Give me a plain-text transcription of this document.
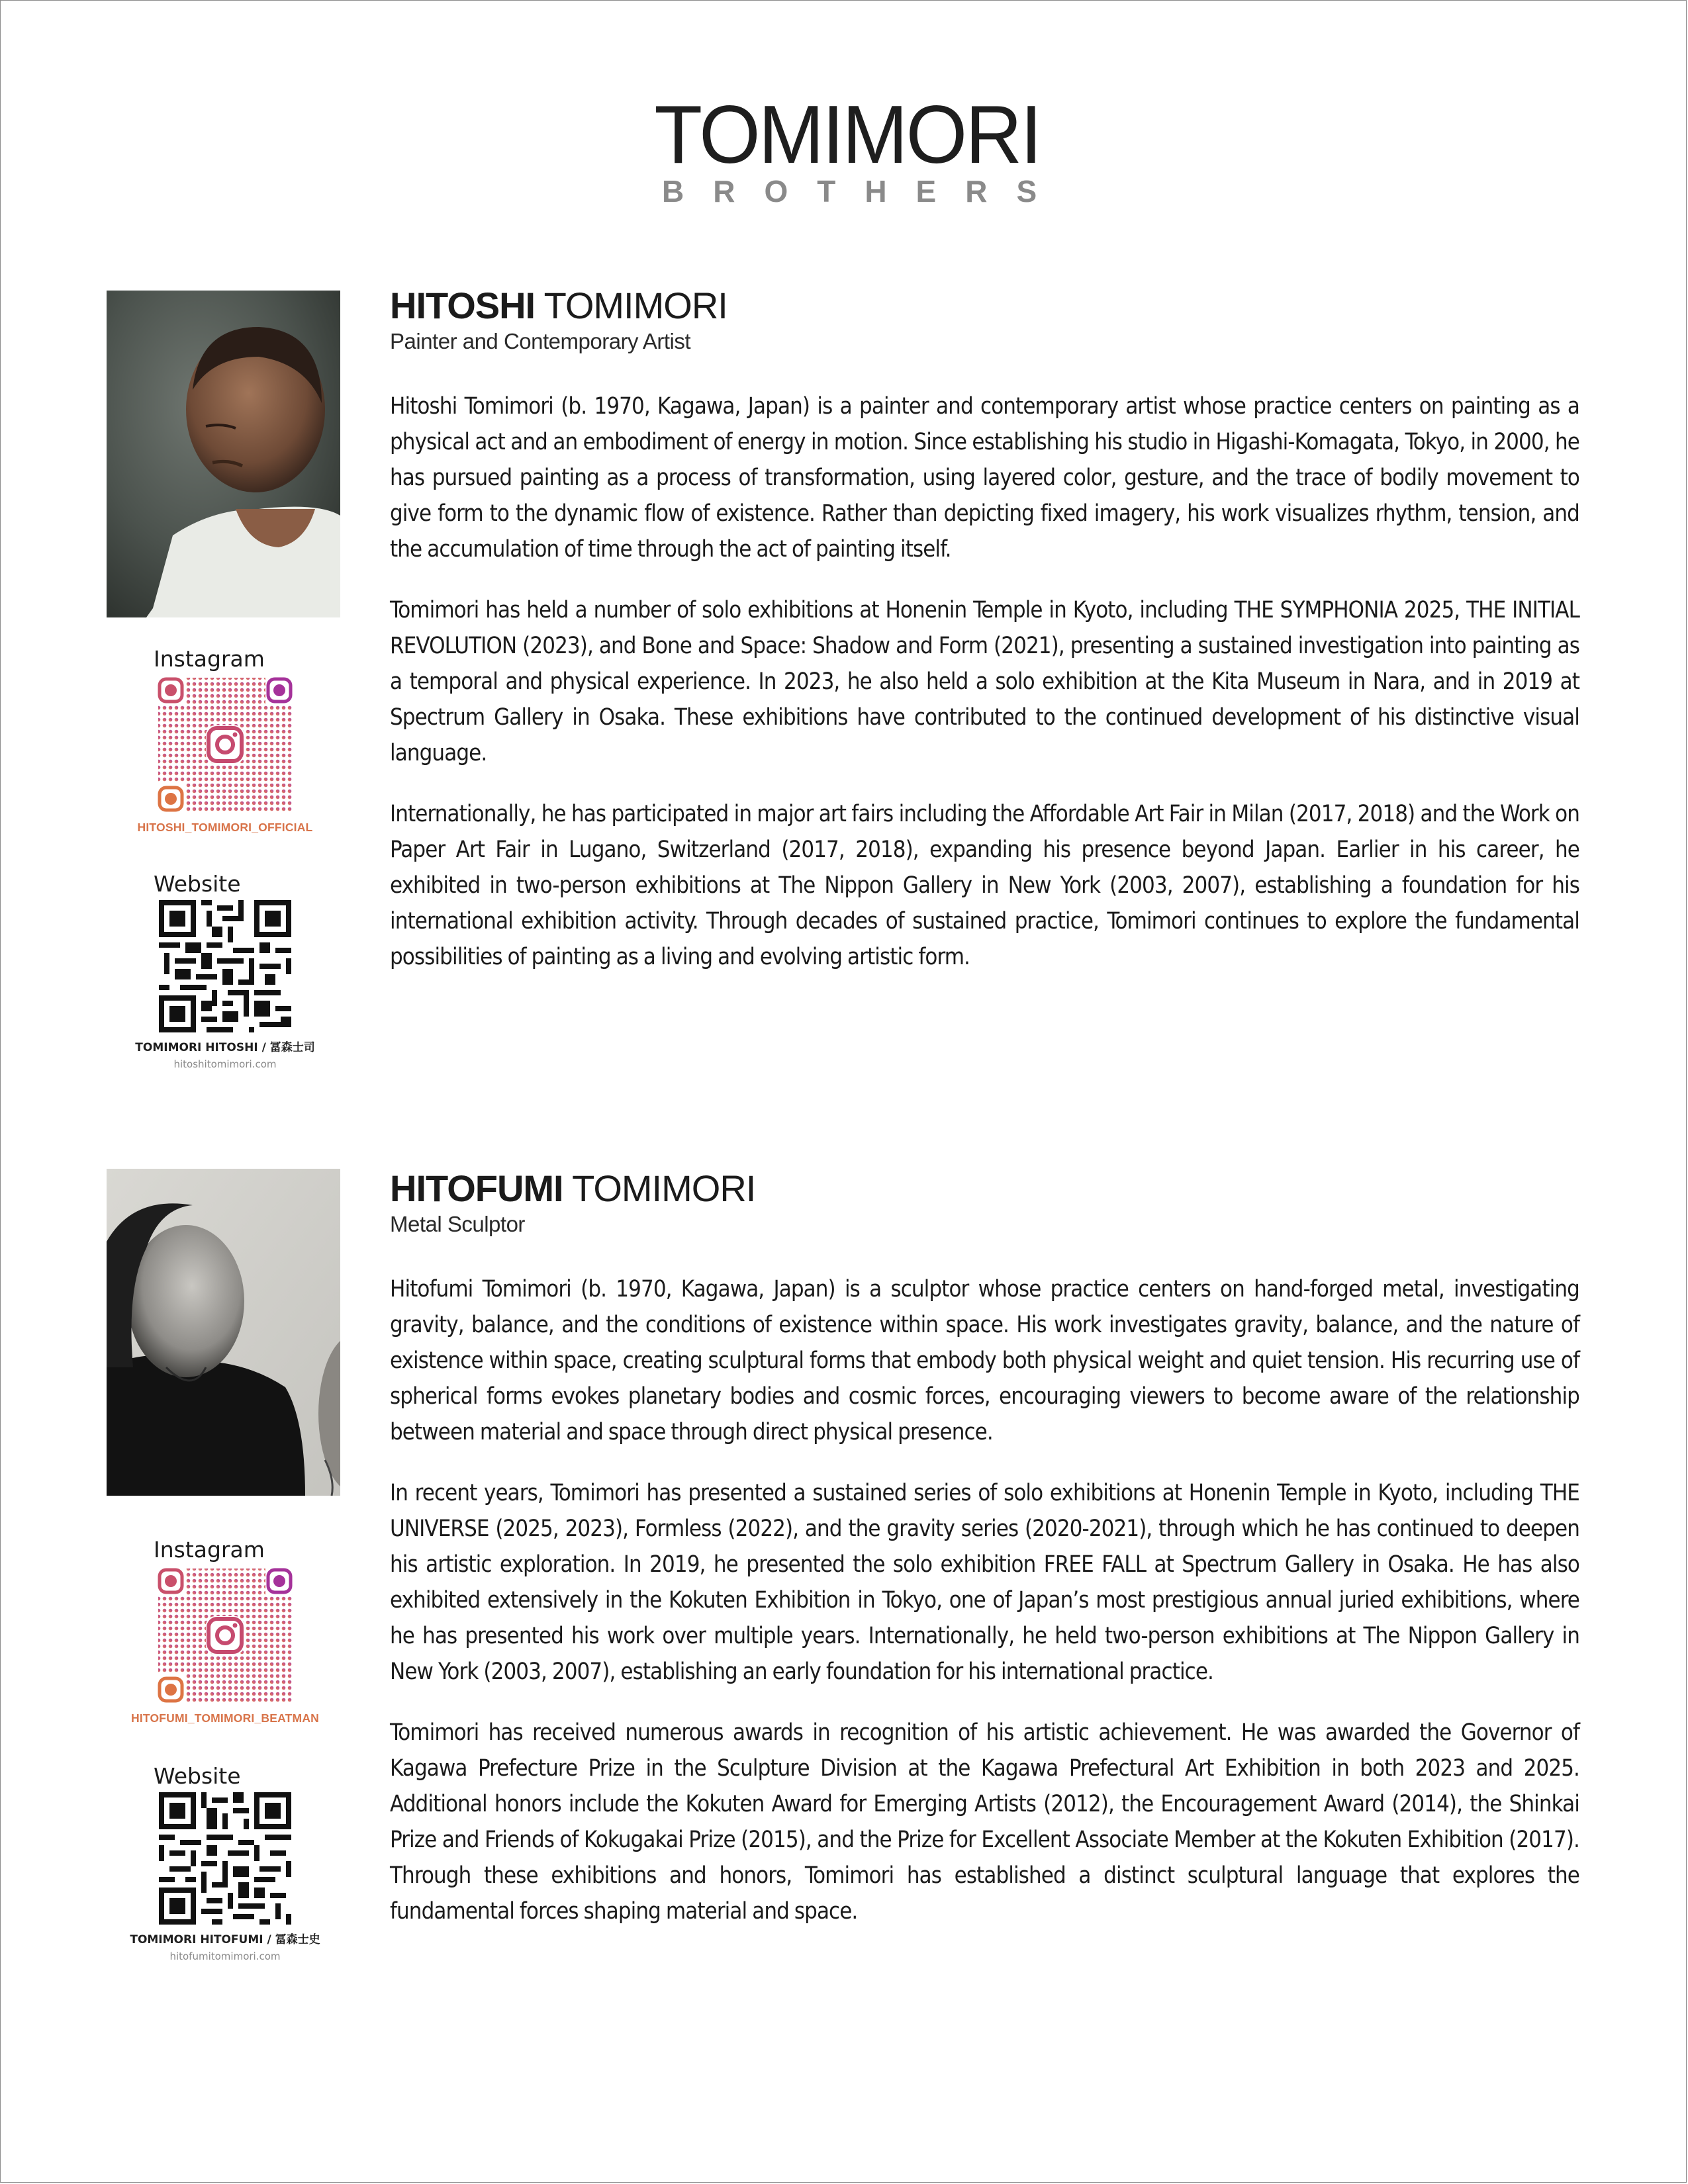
TOMIMORI
BROTHERS
Instagram
HITOSHI_TOMIMORI_OFFICIAL
Website
TOMIMORI HITOSHI / 冨森士司
hitoshitomimori.com
HITOSHI TOMIMORI
Painter and Contemporary Artist

Hitoshi Tomimori (b. 1970, Kagawa, Japan) is a painter and contemporary artist whose practice centers on painting as a physical act and an embodiment of energy in motion. Since establishing his studio in Higashi-Komagata, Tokyo, in 2000, he has pursued painting as a process of transformation, using layered color, gesture, and the trace of bodily movement to give form to the dynamic flow of existence. Rather than depicting fixed imagery, his work visualizes rhythm, tension, and the accumulation of time through the act of painting itself.

Tomimori has held a number of solo exhibitions at Honenin Temple in Kyoto, including THE SYMPHONIA 2025, THE INITIAL REVOLUTION (2023), and Bone and Space: Shadow and Form (2021), presenting a sustained investigation into painting as a temporal and physical experience. In 2023, he also held a solo exhibition at the Kita Museum in Nara, and in 2019 at Spectrum Gallery in Osaka. These exhibitions have contributed to the continued development of his distinctive visual language.

Internationally, he has participated in major art fairs including the Affordable Art Fair in Milan (2017, 2018) and the Work on Paper Art Fair in Lugano, Switzerland (2017, 2018), expanding his presence beyond Japan. Earlier in his career, he exhibited in two-person exhibitions at The Nippon Gallery in New York (2003, 2007), establishing a foundation for his international exhibition activity. Through decades of sustained practice, Tomimori continues to explore the fundamental possibilities of painting as a living and evolving artistic form.

Instagram
HITOFUMI_TOMIMORI_BEATMAN
Website
TOMIMORI HITOFUMI / 冨森士史
hitofumitomimori.com
HITOFUMI TOMIMORI
Metal Sculptor

Hitofumi Tomimori (b. 1970, Kagawa, Japan) is a sculptor whose practice centers on hand-forged metal, investigating gravity, balance, and the conditions of existence within space. His work investigates gravity, balance, and the nature of existence within space, creating sculptural forms that embody both physical weight and quiet tension. His recurring use of spherical forms evokes planetary bodies and cosmic forces, encouraging viewers to become aware of the relationship between material and space through direct physical presence.

In recent years, Tomimori has presented a sustained series of solo exhibitions at Honenin Temple in Kyoto, including THE UNIVERSE (2025, 2023), Formless (2022), and the gravity series (2020-2021), through which he has continued to deepen his artistic exploration. In 2019, he presented the solo exhibition FREE FALL at Spectrum Gallery in Osaka. He has also exhibited extensively in the Kokuten Exhibition in Tokyo, one of Japan’s most prestigious annual juried exhibitions, where he has presented his work over multiple years. Internationally, he held two-person exhibitions at The Nippon Gallery in New York (2003, 2007), establishing an early foundation for his international practice.

Tomimori has received numerous awards in recognition of his artistic achievement. He was awarded the Governor of Kagawa Prefecture Prize in the Sculpture Division at the Kagawa Prefectural Art Exhibition in both 2023 and 2025. Additional honors include the Kokuten Award for Emerging Artists (2012), the Encouragement Award (2014), the Shinkai Prize and Friends of Kokugakai Prize (2015), and the Prize for Excellent Associate Member at the Kokuten Exhibition (2017). Through these exhibitions and honors, Tomimori has established a distinct sculptural language that explores the fundamental forces shaping material and space.
